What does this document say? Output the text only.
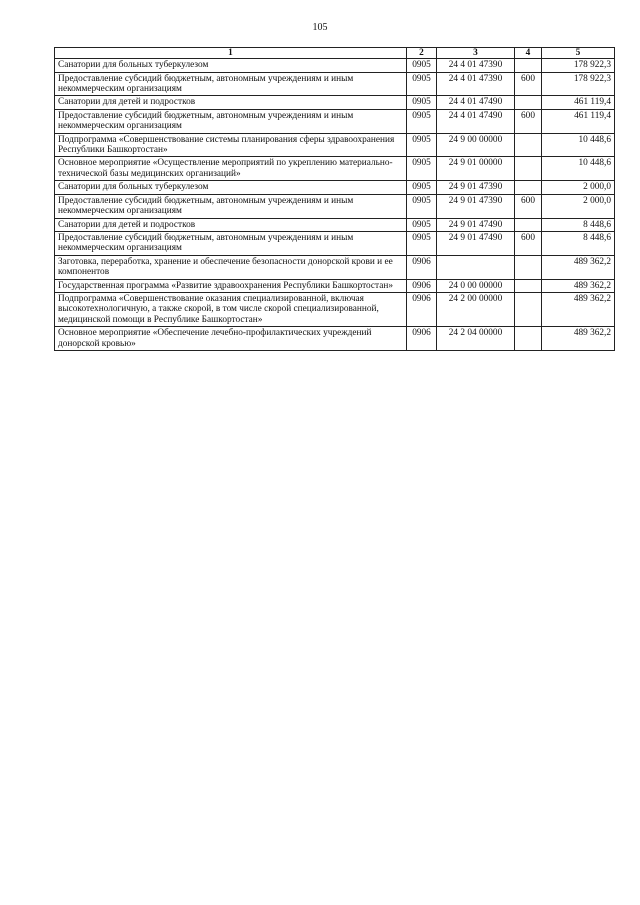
105
1	2	3	4	5
Санатории для больных туберкулезом	0905	24 4 01 47390		178 922,3
Предоставление субсидий бюджетным, автономным учреждениям и иным некоммерческим организациям	0905	24 4 01 47390	600	178 922,3
Санатории для детей и подростков	0905	24 4 01 47490		461 119,4
Предоставление субсидий бюджетным, автономным учреждениям и иным некоммерческим организациям	0905	24 4 01 47490	600	461 119,4
Подпрограмма «Совершенствование системы планирования сферы здравоохранения Республики Башкортостан»	0905	24 9 00 00000		10 448,6
Основное мероприятие «Осуществление мероприятий по укреплению материально-технической базы медицинских организаций»	0905	24 9 01 00000		10 448,6
Санатории для больных туберкулезом	0905	24 9 01 47390		2 000,0
Предоставление субсидий бюджетным, автономным учреждениям и иным некоммерческим организациям	0905	24 9 01 47390	600	2 000,0
Санатории для детей и подростков	0905	24 9 01 47490		8 448,6
Предоставление субсидий бюджетным, автономным учреждениям и иным некоммерческим организациям	0905	24 9 01 47490	600	8 448,6
Заготовка, переработка, хранение и обеспечение безопасности донорской крови и ее компонентов	0906			489 362,2
Государственная программа «Развитие здравоохранения Республики Башкортостан»	0906	24 0 00 00000		489 362,2
Подпрограмма «Совершенствование оказания специализированной, включая высокотехнологичную, а также скорой, в том числе скорой специализированной, медицинской помощи в Республике Башкортостан»	0906	24 2 00 00000		489 362,2
Основное мероприятие «Обеспечение лечебно-профилактических учреждений донорской кровью»	0906	24 2 04 00000		489 362,2
